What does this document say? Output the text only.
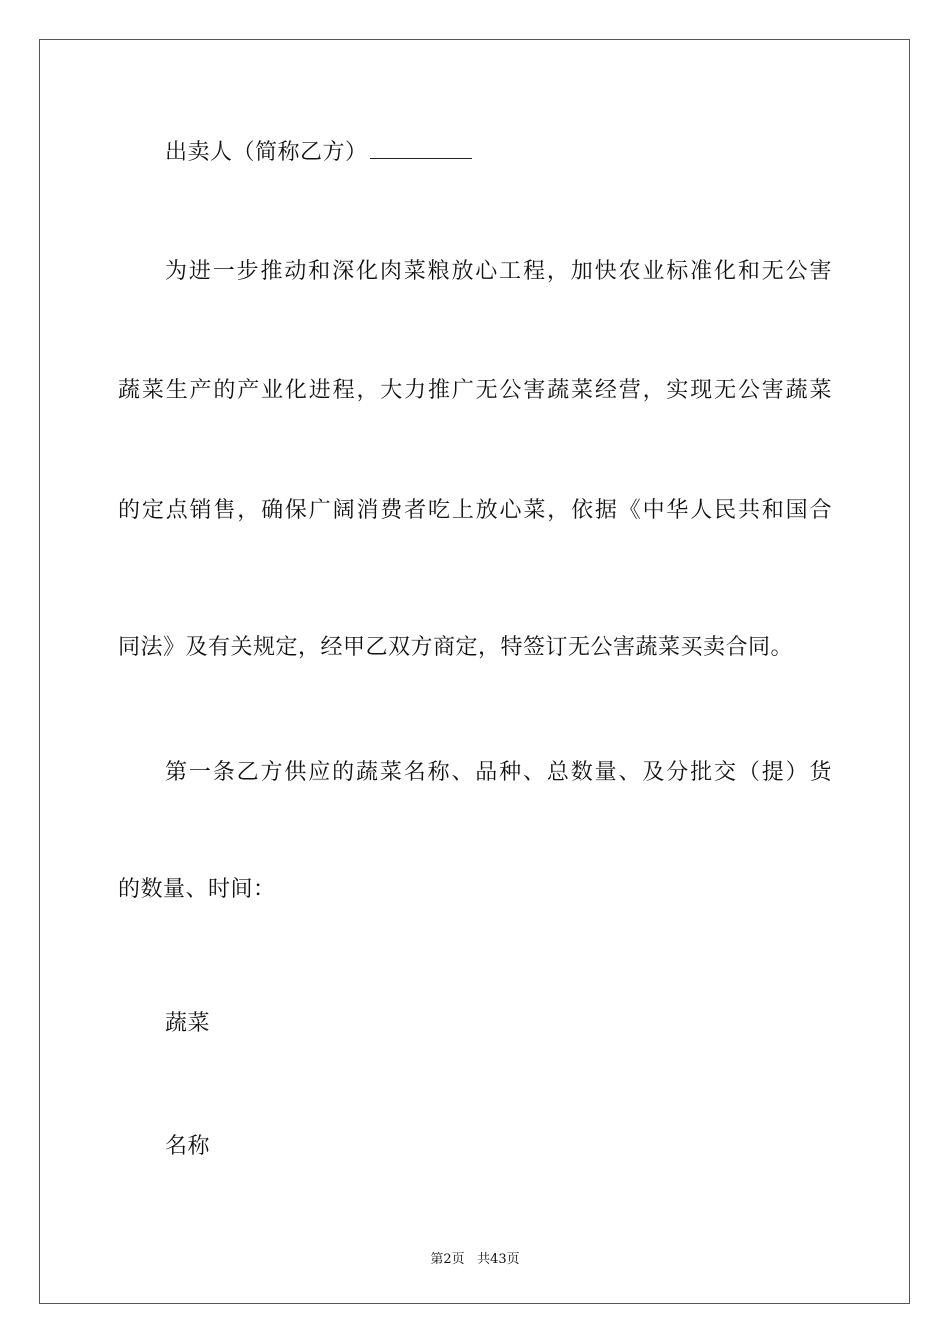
出卖人（简称乙方）
为进一步推动和深化肉菜粮放心工程，加快农业标准化和无公害
蔬菜生产的产业化进程，大力推广无公害蔬菜经营，实现无公害蔬菜
的定点销售，确保广阔消费者吃上放心菜，依据《中华人民共和国合
同法》及有关规定，经甲乙双方商定，特签订无公害蔬菜买卖合同。
第一条乙方供应的蔬菜名称、品种、总数量、及分批交（提）货
的数量、时间：
蔬菜
名称
第2页 共43页
